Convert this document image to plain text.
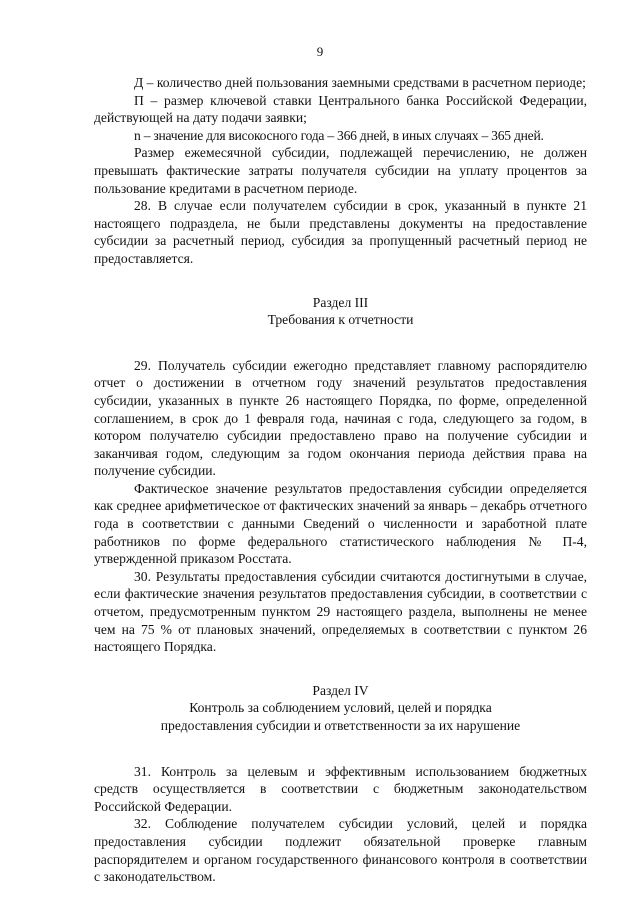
9

Д – количество дней пользования заемными средствами в расчетном периоде;

П – размер ключевой ставки Центрального банка Российской Федерации, действующей на дату подачи заявки;

n – значение для високосного года – 366 дней, в иных случаях – 365 дней.

Размер ежемесячной субсидии, подлежащей перечислению, не должен превышать фактические затраты получателя субсидии на уплату процентов за пользование кредитами в расчетном периоде.

28. В случае если получателем субсидии в срок, указанный в пункте 21 настоящего подраздела, не были представлены документы на предоставление субсидии за расчетный период, субсидия за пропущенный расчетный период не предоставляется.

Раздел III
Требования к отчетности

29. Получатель субсидии ежегодно представляет главному распорядителю отчет о достижении в отчетном году значений результатов предоставления субсидии, указанных в пункте 26 настоящего Порядка, по форме, определенной соглашением, в срок до 1 февраля года, начиная с года, следующего за годом, в котором получателю субсидии предоставлено право на получение субсидии и заканчивая годом, следующим за годом окончания периода действия права на получение субсидии.

Фактическое значение результатов предоставления субсидии определяется как среднее арифметическое от фактических значений за январь – декабрь отчетного года в соответствии с данными Сведений о численности и заработной плате работников по форме федерального статистического наблюдения № П-4, утвержденной приказом Росстата.

30. Результаты предоставления субсидии считаются достигнутыми в случае, если фактические значения результатов предоставления субсидии, в соответствии с отчетом, предусмотренным пунктом 29 настоящего раздела, выполнены не менее чем на 75 % от плановых значений, определяемых в соответствии с пунктом 26 настоящего Порядка.

Раздел IV
Контроль за соблюдением условий, целей и порядка
предоставления субсидии и ответственности за их нарушение

31. Контроль за целевым и эффективным использованием бюджетных средств осуществляется в соответствии с бюджетным законодательством Российской Федерации.

32. Соблюдение получателем субсидии условий, целей и порядка предоставления субсидии подлежит обязательной проверке главным распорядителем и органом государственного финансового контроля в соответствии с законодательством.
